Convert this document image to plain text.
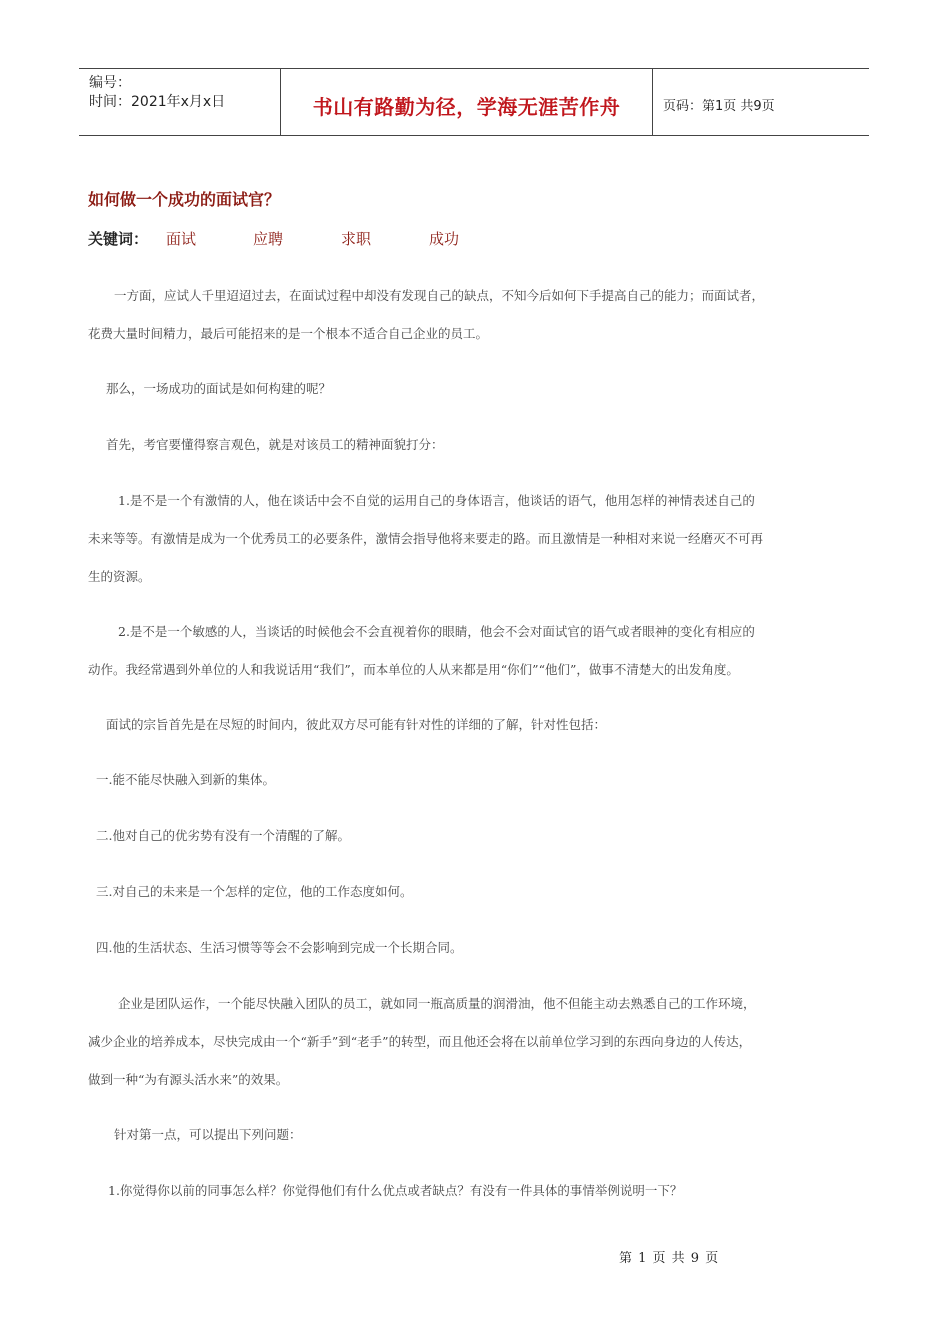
编号：
时间：2021年x月x日	书山有路勤为径，学海无涯苦作舟	页码：第1页 共9页
如何做一个成功的面试官？
关键词： 面试	应聘	求职	成功
一方面，应试人千里迢迢过去，在面试过程中却没有发现自己的缺点，不知今后如何下手提高自己的能力；而面试者，
花费大量时间精力，最后可能招来的是一个根本不适合自己企业的员工。
那么，一场成功的面试是如何构建的呢？
首先，考官要懂得察言观色，就是对该员工的精神面貌打分：
1.是不是一个有激情的人，他在谈话中会不自觉的运用自己的身体语言，他谈话的语气，他用怎样的神情表述自己的
未来等等。有激情是成为一个优秀员工的必要条件，激情会指导他将来要走的路。而且激情是一种相对来说一经磨灭不可再
生的资源。
2.是不是一个敏感的人，当谈话的时候他会不会直视着你的眼睛，他会不会对面试官的语气或者眼神的变化有相应的
动作。我经常遇到外单位的人和我说话用“我们”，而本单位的人从来都是用“你们”“他们”，做事不清楚大的出发角度。
面试的宗旨首先是在尽短的时间内，彼此双方尽可能有针对性的详细的了解，针对性包括：
一.能不能尽快融入到新的集体。
二.他对自己的优劣势有没有一个清醒的了解。
三.对自己的未来是一个怎样的定位，他的工作态度如何。
四.他的生活状态、生活习惯等等会不会影响到完成一个长期合同。
企业是团队运作，一个能尽快融入团队的员工，就如同一瓶高质量的润滑油，他不但能主动去熟悉自己的工作环境，
减少企业的培养成本，尽快完成由一个“新手”到“老手”的转型，而且他还会将在以前单位学习到的东西向身边的人传达，
做到一种“为有源头活水来”的效果。
针对第一点，可以提出下列问题：
1.你觉得你以前的同事怎么样？你觉得他们有什么优点或者缺点？有没有一件具体的事情举例说明一下？
第 1 页 共 9 页
